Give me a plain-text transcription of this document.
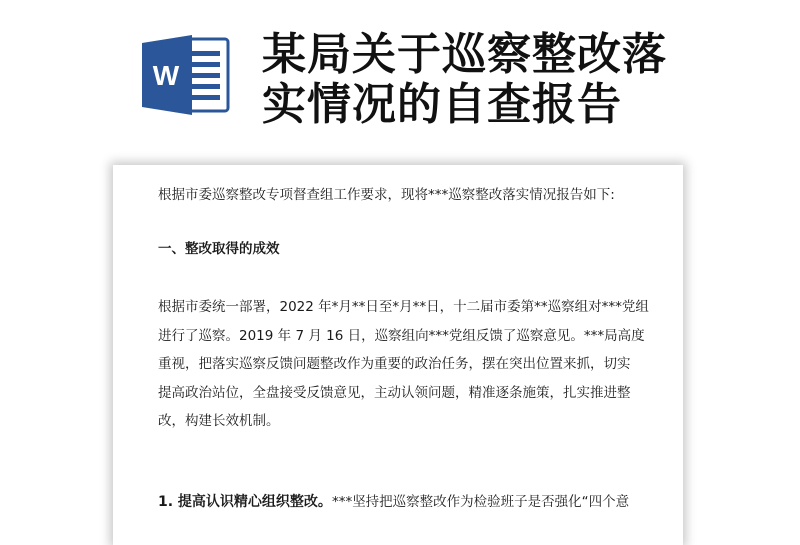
W 某局关于巡察整改落
实情况的自查报告

根据市委巡察整改专项督查组工作要求，现将***巡察整改落实情况报告如下:

一、整改取得的成效

根据市委统一部署，2022 年*月**日至*月**日，十二届市委第**巡察组对***党组
进行了巡察。2019 年 7 月 16 日，巡察组向***党组反馈了巡察意见。***局高度
重视，把落实巡察反馈问题整改作为重要的政治任务，摆在突出位置来抓，切实
提高政治站位，全盘接受反馈意见，主动认领问题，精准逐条施策，扎实推进整
改，构建长效机制。

1. 提高认识精心组织整改。***坚持把巡察整改作为检验班子是否强化“四个意
